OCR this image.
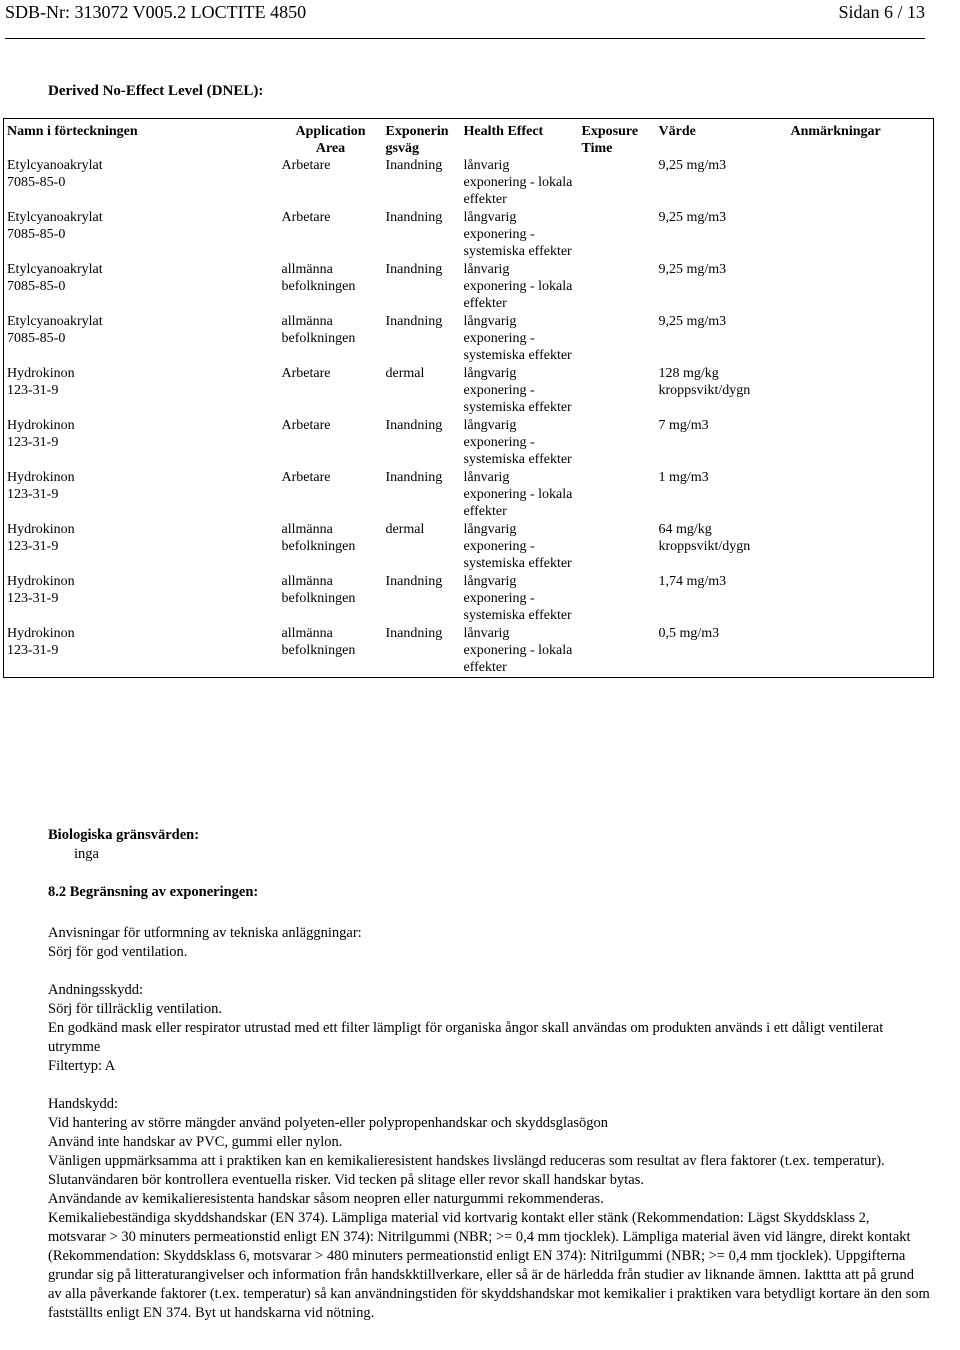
SDB-Nr: 313072 V005.2 LOCTITE 4850	Sidan 6 / 13
Derived No-Effect Level (DNEL):
Namn i förteckningen	Application Area	Exponerin gsväg	Health Effect	Exposure Time	Värde	Anmärkningar

Etylcyanoakrylat
7085-85-0	Arbetare	Inandning	lånvarig exponering - lokala effekter		9,25 mg/m3	

Etylcyanoakrylat
7085-85-0	Arbetare	Inandning	långvarig exponering - systemiska effekter		9,25 mg/m3	

Etylcyanoakrylat
7085-85-0	allmänna befolkningen	Inandning	lånvarig exponering - lokala effekter		9,25 mg/m3	

Etylcyanoakrylat
7085-85-0	allmänna befolkningen	Inandning	långvarig exponering - systemiska effekter		9,25 mg/m3	

Hydrokinon
123-31-9	Arbetare	dermal	långvarig exponering - systemiska effekter		128 mg/kg kroppsvikt/dygn	

Hydrokinon
123-31-9	Arbetare	Inandning	långvarig exponering - systemiska effekter		7 mg/m3	

Hydrokinon
123-31-9	Arbetare	Inandning	lånvarig exponering - lokala effekter		1 mg/m3	

Hydrokinon
123-31-9	allmänna befolkningen	dermal	långvarig exponering - systemiska effekter		64 mg/kg kroppsvikt/dygn	

Hydrokinon
123-31-9	allmänna befolkningen	Inandning	långvarig exponering - systemiska effekter		1,74 mg/m3	

Hydrokinon
123-31-9	allmänna befolkningen	Inandning	lånvarig exponering - lokala effekter		0,5 mg/m3	

Biologiska gränsvärden:

inga

8.2 Begränsning av exponeringen:

Anvisningar för utformning av tekniska anläggningar:

Sörj för god ventilation.

Andningsskydd:

Sörj för tillräcklig ventilation.

En godkänd mask eller respirator utrustad med ett filter lämpligt för organiska ångor skall användas om produkten används i ett dåligt ventilerat utrymme

Filtertyp: A

Handskydd:

Vid hantering av större mängder använd polyeten-eller polypropenhandskar och skyddsglasögon

Använd inte handskar av PVC, gummi eller nylon.

Vänligen uppmärksamma att i praktiken kan en kemikalieresistent handskes livslängd reduceras som resultat av flera faktorer (t.ex. temperatur). Slutanvändaren bör kontrollera eventuella risker. Vid tecken på slitage eller revor skall handskar bytas.

Användande av kemikalieresistenta handskar såsom neopren eller naturgummi rekommenderas.

Kemikaliebeständiga skyddshandskar (EN 374). Lämpliga material vid kortvarig kontakt eller stänk (Rekommendation: Lägst Skyddsklass 2, motsvarar > 30 minuters permeationstid enligt EN 374): Nitrilgummi (NBR; >= 0,4 mm tjocklek). Lämpliga material även vid längre, direkt kontakt (Rekommendation: Skyddsklass 6, motsvarar > 480 minuters permeationstid enligt EN 374): Nitrilgummi (NBR; >= 0,4 mm tjocklek). Uppgifterna grundar sig på litteraturangivelser och information från handskktillverkare, eller så är de härledda från studier av liknande ämnen. Iakttta att på grund av alla påverkande faktorer (t.ex. temperatur) så kan användningstiden för skyddshandskar mot kemikalier i praktiken vara betydligt kortare än den som fastställts enligt EN 374. Byt ut handskarna vid nötning.
